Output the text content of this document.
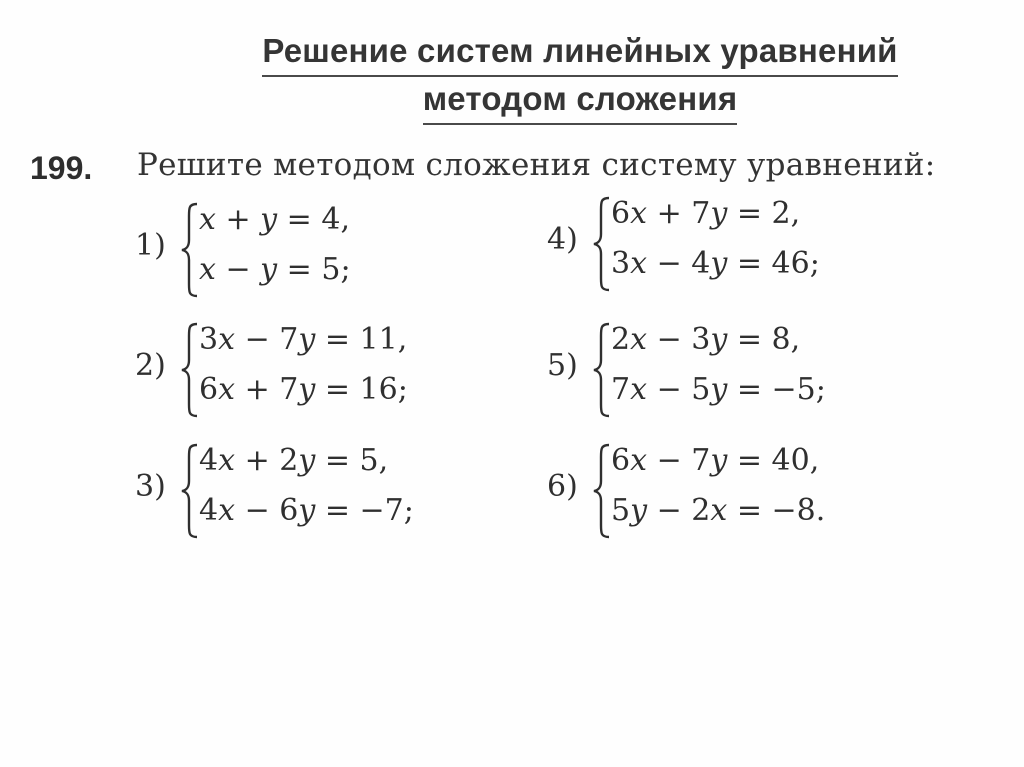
Решение систем линейных уравнений
методом сложения
199. Решите методом сложения систему уравнений:
1)
x + y = 4,
x − y = 5;
2)
3x − 7y = 11,
6x + 7y = 16;
3)
4x + 2y = 5,
4x − 6y = −7;
4)
6x + 7y = 2,
3x − 4y = 46;
5)
2x − 3y = 8,
7x − 5y = −5;
6)
6x − 7y = 40,
5y − 2x = −8.
